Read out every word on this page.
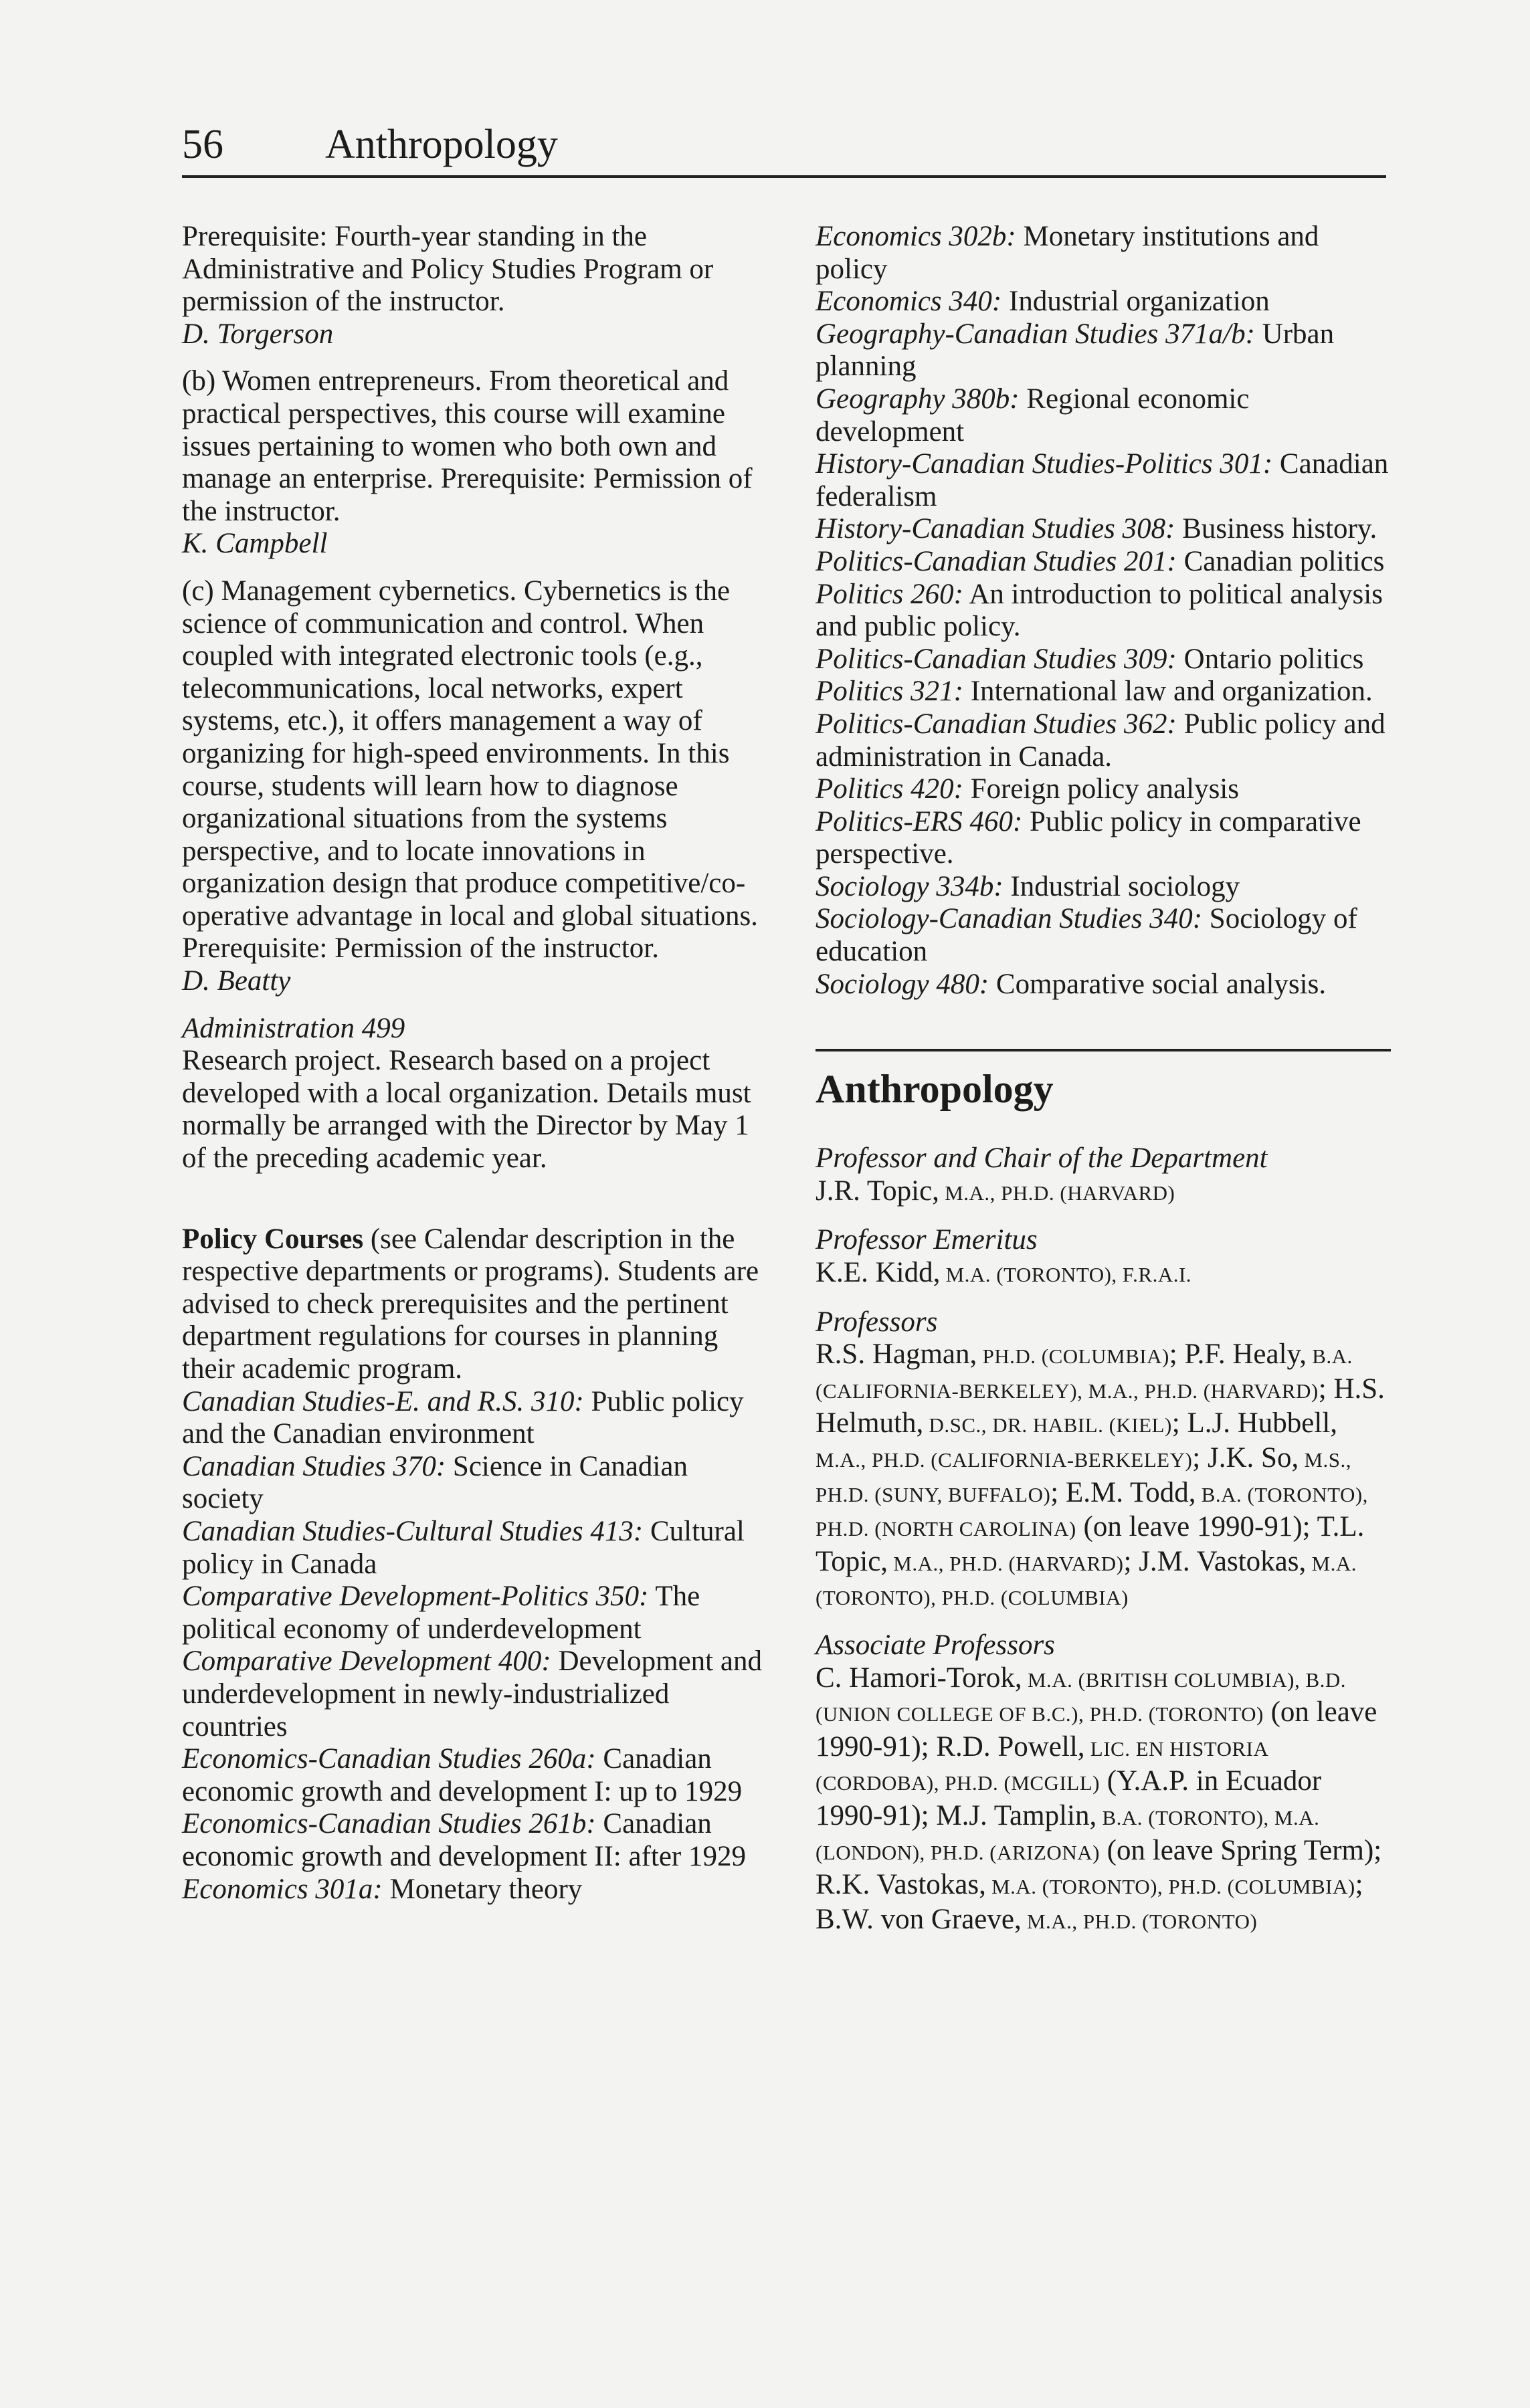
56 Anthropology

Prerequisite: Fourth-year standing in the Administrative and Policy Studies Program or permission of the instructor.

D. Torgerson

(b) Women entrepreneurs. From theoretical and practical perspectives, this course will examine issues pertaining to women who both own and manage an enterprise. Prerequisite: Permission of the instructor.

K. Campbell

(c) Management cybernetics. Cybernetics is the science of communication and control. When coupled with integrated electronic tools (e.g., telecommunications, local networks, expert systems, etc.), it offers management a way of organizing for high-speed environments. In this course, students will learn how to diagnose organizational situations from the systems perspective, and to locate innovations in organization design that produce competitive/co-operative advantage in local and global situations. Prerequisite: Permission of the instructor.

D. Beatty

Administration 499

Research project. Research based on a project developed with a local organization. Details must normally be arranged with the Director by May 1 of the preceding academic year.

Policy Courses (see Calendar description in the respective departments or programs). Students are advised to check prerequisites and the pertinent department regulations for courses in planning their academic program.

Canadian Studies-E. and R.S. 310: Public policy and the Canadian environment

Canadian Studies 370: Science in Canadian society

Canadian Studies-Cultural Studies 413: Cultural policy in Canada

Comparative Development-Politics 350: The political economy of underdevelopment

Comparative Development 400: Development and underdevelopment in newly-industrialized countries

Economics-Canadian Studies 260a: Canadian economic growth and development I: up to 1929

Economics-Canadian Studies 261b: Canadian economic growth and development II: after 1929

Economics 301a: Monetary theory

Economics 302b: Monetary institutions and policy

Economics 340: Industrial organization

Geography-Canadian Studies 371a/b: Urban planning

Geography 380b: Regional economic development

History-Canadian Studies-Politics 301: Canadian federalism

History-Canadian Studies 308: Business history.

Politics-Canadian Studies 201: Canadian politics

Politics 260: An introduction to political analysis and public policy.

Politics-Canadian Studies 309: Ontario politics

Politics 321: International law and organization.

Politics-Canadian Studies 362: Public policy and administration in Canada.

Politics 420: Foreign policy analysis

Politics-ERS 460: Public policy in comparative perspective.

Sociology 334b: Industrial sociology

Sociology-Canadian Studies 340: Sociology of education

Sociology 480: Comparative social analysis.

Anthropology

Professor and Chair of the Department

J.R. Topic, M.A., PH.D. (HARVARD)

Professor Emeritus

K.E. Kidd, M.A. (TORONTO), F.R.A.I.

Professors

R.S. Hagman, PH.D. (COLUMBIA); P.F. Healy, B.A. (CALIFORNIA-BERKELEY), M.A., PH.D. (HARVARD); H.S. Helmuth, D.SC., DR. HABIL. (KIEL); L.J. Hubbell, M.A., PH.D. (CALIFORNIA-BERKELEY); J.K. So, M.S., PH.D. (SUNY, BUFFALO); E.M. Todd, B.A. (TORONTO), PH.D. (NORTH CAROLINA) (on leave 1990-91); T.L. Topic, M.A., PH.D. (HARVARD); J.M. Vastokas, M.A. (TORONTO), PH.D. (COLUMBIA)

Associate Professors

C. Hamori-Torok, M.A. (BRITISH COLUMBIA), B.D. (UNION COLLEGE OF B.C.), PH.D. (TORONTO) (on leave 1990-91); R.D. Powell, LIC. EN HISTORIA (CORDOBA), PH.D. (MCGILL) (Y.A.P. in Ecuador 1990-91); M.J. Tamplin, B.A. (TORONTO), M.A. (LONDON), PH.D. (ARIZONA) (on leave Spring Term); R.K. Vastokas, M.A. (TORONTO), PH.D. (COLUMBIA); B.W. von Graeve, M.A., PH.D. (TORONTO)
